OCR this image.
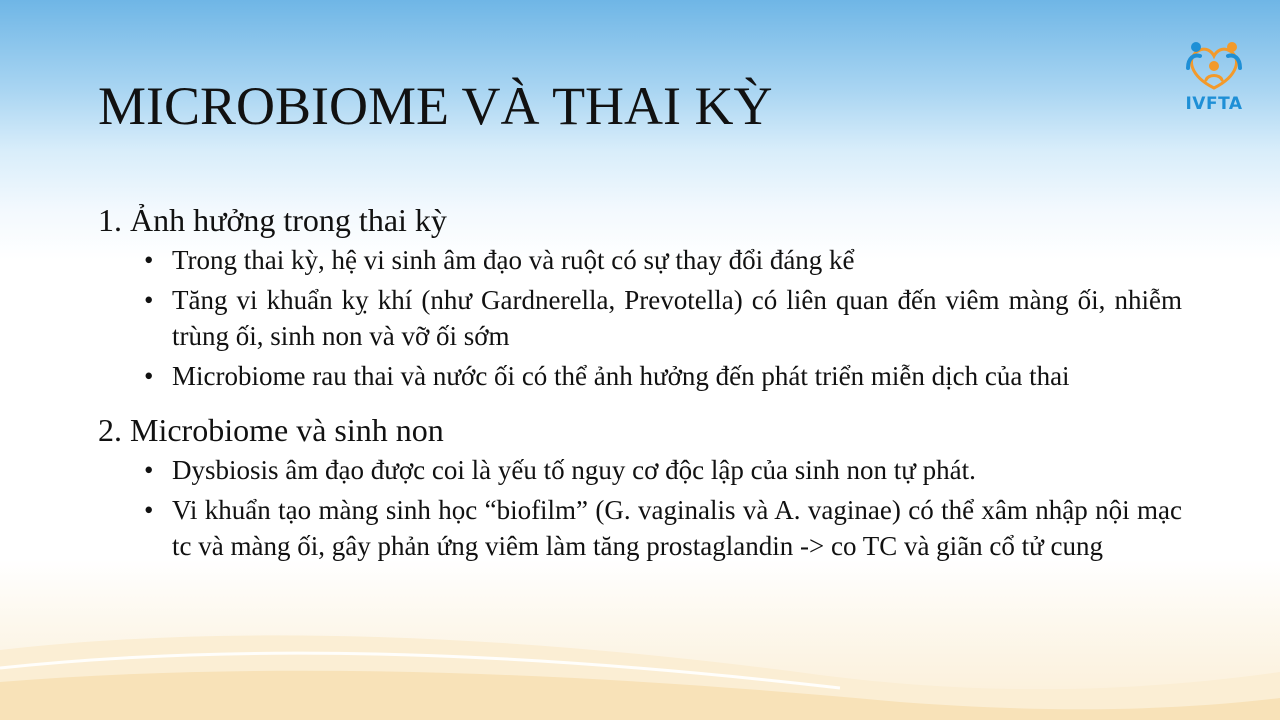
IVFTA
MICROBIOME VÀ THAI KỲ

1. Ảnh hưởng trong thai kỳ

• Trong thai kỳ, hệ vi sinh âm đạo và ruột có sự thay đổi đáng kể
• Tăng vi khuẩn kỵ khí (như Gardnerella, Prevotella) có liên quan đến viêm màng ối, nhiễm trùng ối, sinh non và vỡ ối sớm
• Microbiome rau thai và nước ối có thể ảnh hưởng đến phát triển miễn dịch của thai

2. Microbiome và sinh non

• Dysbiosis âm đạo được coi là yếu tố nguy cơ độc lập của sinh non tự phát.
• Vi khuẩn tạo màng sinh học “biofilm” (G. vaginalis và A. vaginae) có thể xâm nhập nội mạc tc và màng ối, gây phản ứng viêm làm tăng prostaglandin -> co TC và giãn cổ tử cung
